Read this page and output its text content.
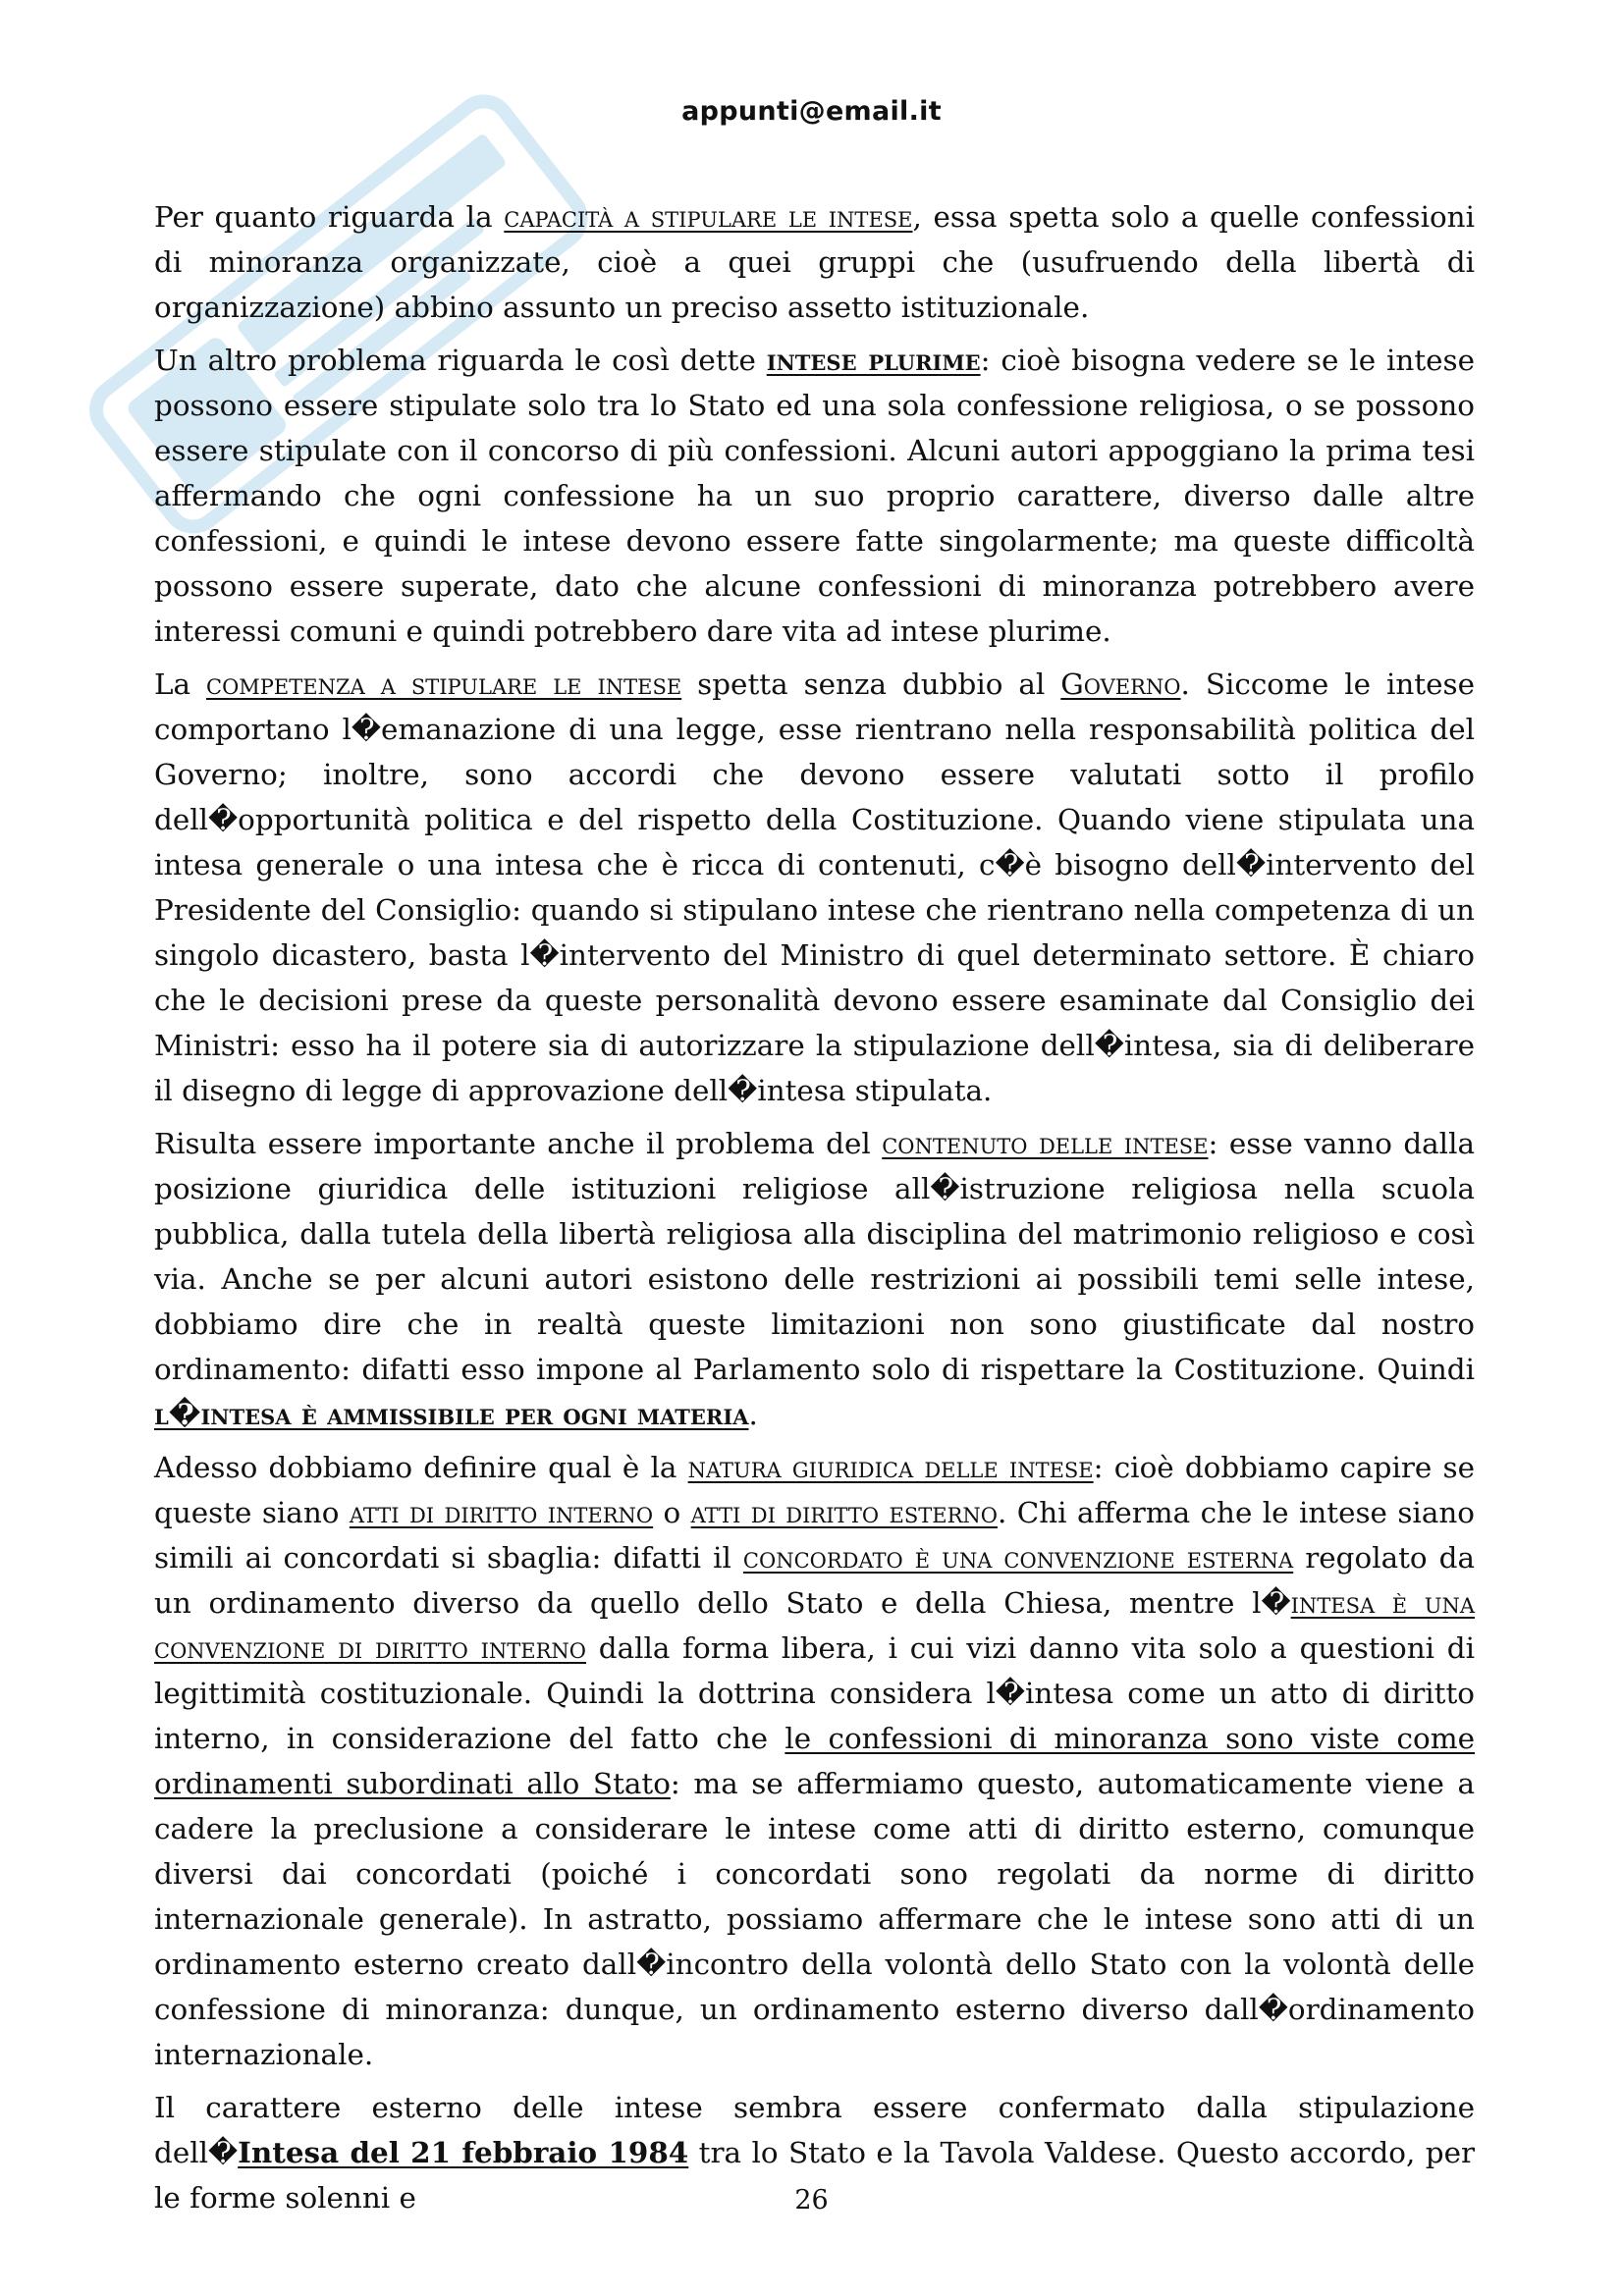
appunti@email.it

Per quanto riguarda la capacità a stipulare le intese, essa spetta solo a quelle confessioni di minoranza organizzate, cioè a quei gruppi che (usufruendo della libertà di organizzazione) abbino assunto un preciso assetto istituzionale.

Un altro problema riguarda le così dette intese plurime: cioè bisogna vedere se le intese possono essere stipulate solo tra lo Stato ed una sola confessione religiosa, o se possono essere stipulate con il concorso di più confessioni. Alcuni autori appoggiano la prima tesi affermando che ogni confessione ha un suo proprio carattere, diverso dalle altre confessioni, e quindi le intese devono essere fatte singolarmente; ma queste difficoltà possono essere superate, dato che alcune confessioni di minoranza potrebbero avere interessi comuni e quindi potrebbero dare vita ad intese plurime.

La competenza a stipulare le intese spetta senza dubbio al Governo. Siccome le intese comportano l�emanazione di una legge, esse rientrano nella responsabilità politica del Governo; inoltre, sono accordi che devono essere valutati sotto il profilo dell�opportunità politica e del rispetto della Costituzione. Quando viene stipulata una intesa generale o una intesa che è ricca di contenuti, c�è bisogno dell�intervento del Presidente del Consiglio: quando si stipulano intese che rientrano nella competenza di un singolo dicastero, basta l�intervento del Ministro di quel determinato settore. È chiaro che le decisioni prese da queste personalità devono essere esaminate dal Consiglio dei Ministri: esso ha il potere sia di autorizzare la stipulazione dell�intesa, sia di deliberare il disegno di legge di approvazione dell�intesa stipulata.

Risulta essere importante anche il problema del contenuto delle intese: esse vanno dalla posizione giuridica delle istituzioni religiose all�istruzione religiosa nella scuola pubblica, dalla tutela della libertà religiosa alla disciplina del matrimonio religioso e così via. Anche se per alcuni autori esistono delle restrizioni ai possibili temi selle intese, dobbiamo dire che in realtà queste limitazioni non sono giustificate dal nostro ordinamento: difatti esso impone al Parlamento solo di rispettare la Costituzione. Quindi l�intesa è ammissibile per ogni materia.

Adesso dobbiamo definire qual è la natura giuridica delle intese: cioè dobbiamo capire se queste siano atti di diritto interno o atti di diritto esterno. Chi afferma che le intese siano simili ai concordati si sbaglia: difatti il concordato è una convenzione esterna regolato da un ordinamento diverso da quello dello Stato e della Chiesa, mentre l�intesa è una convenzione di diritto interno dalla forma libera, i cui vizi danno vita solo a questioni di legittimità costituzionale. Quindi la dottrina considera l�intesa come un atto di diritto interno, in considerazione del fatto che le confessioni di minoranza sono viste come ordinamenti subordinati allo Stato: ma se affermiamo questo, automaticamente viene a cadere la preclusione a considerare le intese come atti di diritto esterno, comunque diversi dai concordati (poiché i concordati sono regolati da norme di diritto internazionale generale). In astratto, possiamo affermare che le intese sono atti di un ordinamento esterno creato dall�incontro della volontà dello Stato con la volontà delle confessione di minoranza: dunque, un ordinamento esterno diverso dall�ordinamento internazionale.

Il carattere esterno delle intese sembra essere confermato dalla stipulazione dell�Intesa del 21 febbraio 1984 tra lo Stato e la Tavola Valdese. Questo accordo, per le forme solenni e	26
